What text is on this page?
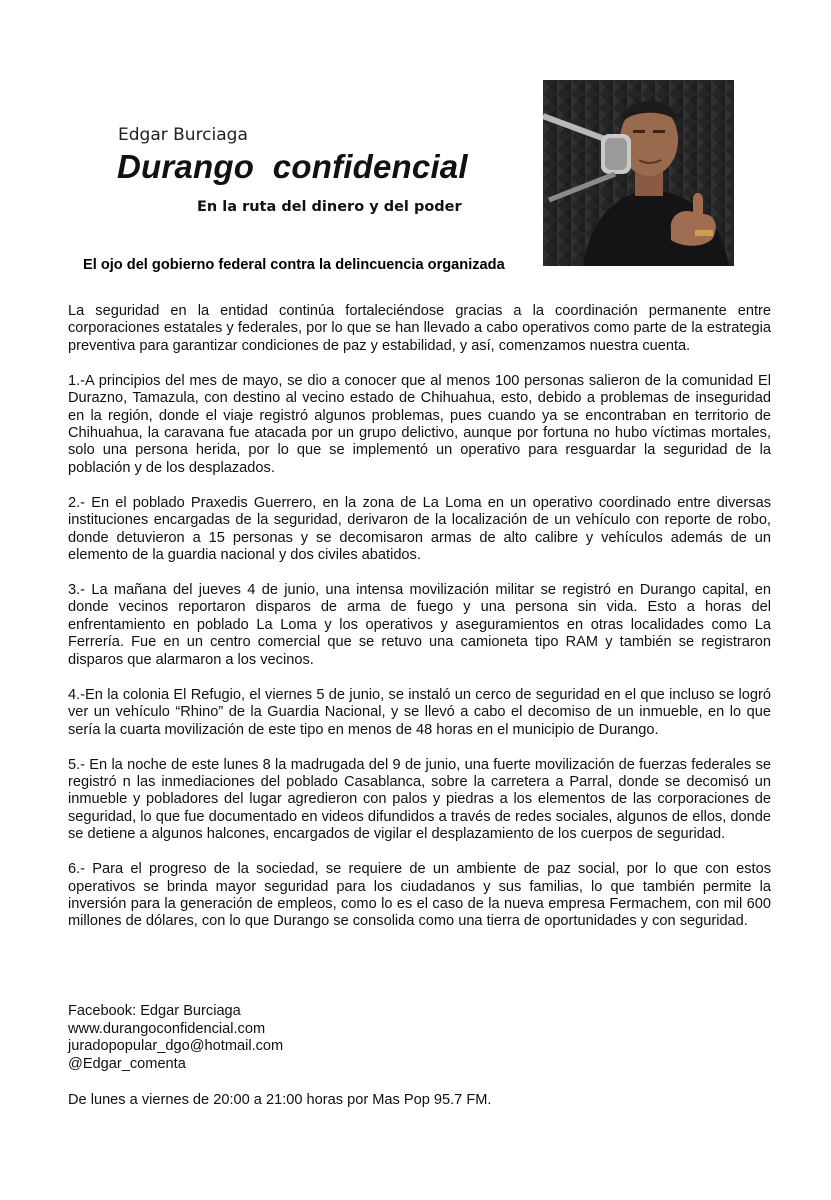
Edgar Burciaga
Durango  confidencial
En la ruta del dinero y del poder
El ojo del gobierno federal contra la delincuencia organizada

La seguridad en la entidad continúa fortaleciéndose gracias a la coordinación permanente entre corporaciones estatales y federales, por lo que se han llevado a cabo operativos como parte de la estrategia preventiva para garantizar condiciones de paz y estabilidad, y así, comenzamos nuestra cuenta.

1.-A principios del mes de mayo, se dio a conocer que al menos 100 personas salieron de la comunidad El Durazno, Tamazula, con destino al vecino estado de Chihuahua, esto, debido a problemas de inseguridad en la región, donde el viaje registró algunos problemas, pues cuando ya se encontraban en territorio de Chihuahua, la caravana fue atacada por un grupo delictivo, aunque por fortuna no hubo víctimas mortales, solo una persona herida, por lo que se implementó un operativo para resguardar la seguridad de la población y de los desplazados.

2.- En el poblado Praxedis Guerrero, en la zona de La Loma en un operativo coordinado entre diversas instituciones encargadas de la seguridad, derivaron de la localización de un vehículo con reporte de robo, donde detuvieron a 15 personas y se decomisaron armas de alto calibre y vehículos además de un elemento de la guardia nacional y dos civiles abatidos.

3.- La mañana del jueves 4 de junio, una intensa movilización militar se registró en Durango capital, en donde vecinos reportaron disparos de arma de fuego y una persona sin vida. Esto a horas del enfrentamiento en poblado La Loma y los operativos y aseguramientos en otras localidades como La Ferrería. Fue en un centro comercial que se retuvo una camioneta tipo RAM y también se registraron disparos que alarmaron a los vecinos.

4.-En la colonia El Refugio, el viernes 5 de junio, se instaló un cerco de seguridad en el que incluso se logró ver un vehículo “Rhino” de la Guardia Nacional, y se llevó a cabo el decomiso de un inmueble, en lo que sería la cuarta movilización de este tipo en menos de 48 horas en el municipio de Durango.

5.- En la noche de este lunes 8 la madrugada del 9 de junio, una fuerte movilización de fuerzas federales se registró n las inmediaciones del poblado Casablanca, sobre la carretera a Parral, donde se decomisó un inmueble y pobladores del lugar agredieron con palos y piedras a los elementos de las corporaciones de seguridad, lo que fue documentado en videos difundidos a través de redes sociales, algunos de ellos, donde se detiene a algunos halcones, encargados de vigilar el desplazamiento de los cuerpos de seguridad.

6.- Para el progreso de la sociedad, se requiere de un ambiente de paz social, por lo que con estos operativos se brinda mayor seguridad para los ciudadanos y sus familias, lo que también permite la inversión para la generación de empleos, como lo es el caso de la nueva empresa Fermachem, con mil 600 millones de dólares, con lo que Durango se consolida como una tierra de oportunidades y con seguridad.

Facebook: Edgar Burciaga
www.durangoconfidencial.com
juradopopular_dgo@hotmail.com
@Edgar_comenta
De lunes a viernes de 20:00 a 21:00 horas por Mas Pop 95.7 FM.
